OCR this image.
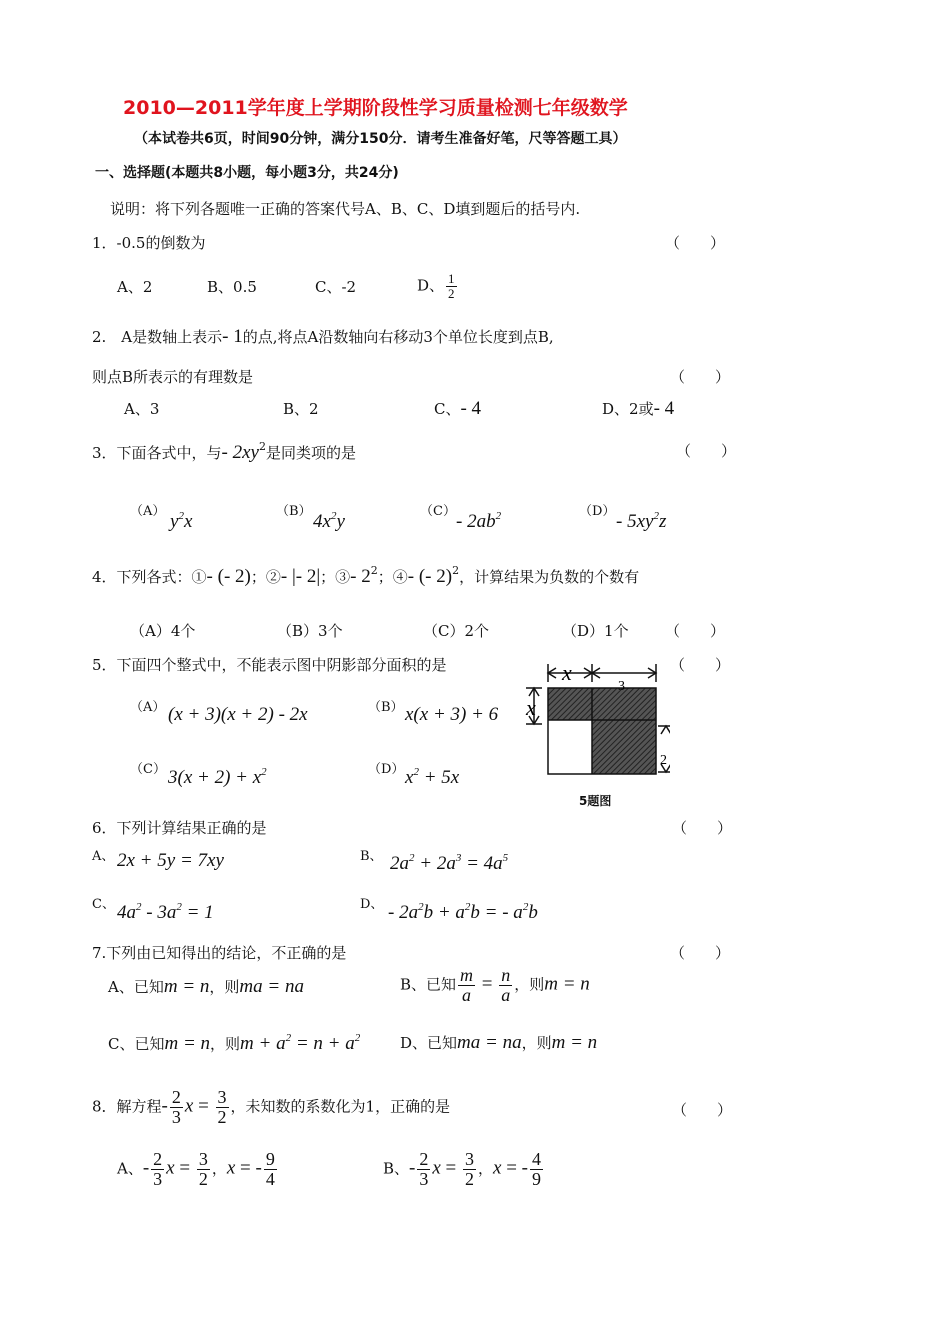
2010—2011学年度上学期阶段性学习质量检测七年级数学
（本试卷共6页，时间90分钟，满分150分．请考生准备好笔，尺等答题工具）
一、选择题(本题共8小题，每小题3分，共24分)
说明：将下列各题唯一正确的答案代号A、B、C、D填到题后的括号内.
1．-0.5的倒数为	（　　）
A、2	B、0.5	C、-2	D、 $\frac{1}{2}$
2.　A是数轴上表示- 1的点,将点A沿数轴向右移动3个单位长度到点B,
则点B所表示的有理数是	（　　）
A、3	B、2	C、- 4	D、2或- 4
3．下面各式中，与- $2xy^2$是同类项的是	（　　）
（A） $y^2x$	（B） $4x^2y$	$(C) - 2ab^2$	$(D) - 5xy^2z$
4．下列各式：①- (- 2)；②- |- 2|；③- $2^2$；④- (- 2)$^2$，计算结果为负数的个数有
（A）4个	（B）3个	（C）2个	（D）1个 （　　）
5．下面四个整式中，不能表示图中阴影部分面积的是	（　　）
（A） (x + 3)(x + 2) - 2x	（B） x(x + 3) + 6
（C） $3(x + 2) + x^2$	（D） $x^2 + 5x$
x
3
x
2
5题图
6．下列计算结果正确的是	（　　）
A、 2x + 5y = 7xy	B、 $2a^2 + 2a^3 = 4a^5$
C、 $4a^2 - 3a^2 = 1$	D、 - $2a^2b + a^2b$ = - $a^2b$
7.下列由已知得出的结论，不正确的是	（　　）
A、已知m = n，则ma = na	B、已知 $\frac{m}{a} = \frac{n}{a}$ ，则m = n
C、已知m = n，则$m + a^2 = n + a^2$	D、已知ma = na，则m = n
8．解方程- $\frac{2}{3}$ $x = \frac{3}{2}$ ，未知数的系数化为1，正确的是	（　　）
A、- $\frac{2}{3}$ $x = \frac{3}{2}$ ，x = - $\frac{9}{4}$	B、- $\frac{2}{3}$ $x = \frac{3}{2}$ ，x = - $\frac{4}{9}$
